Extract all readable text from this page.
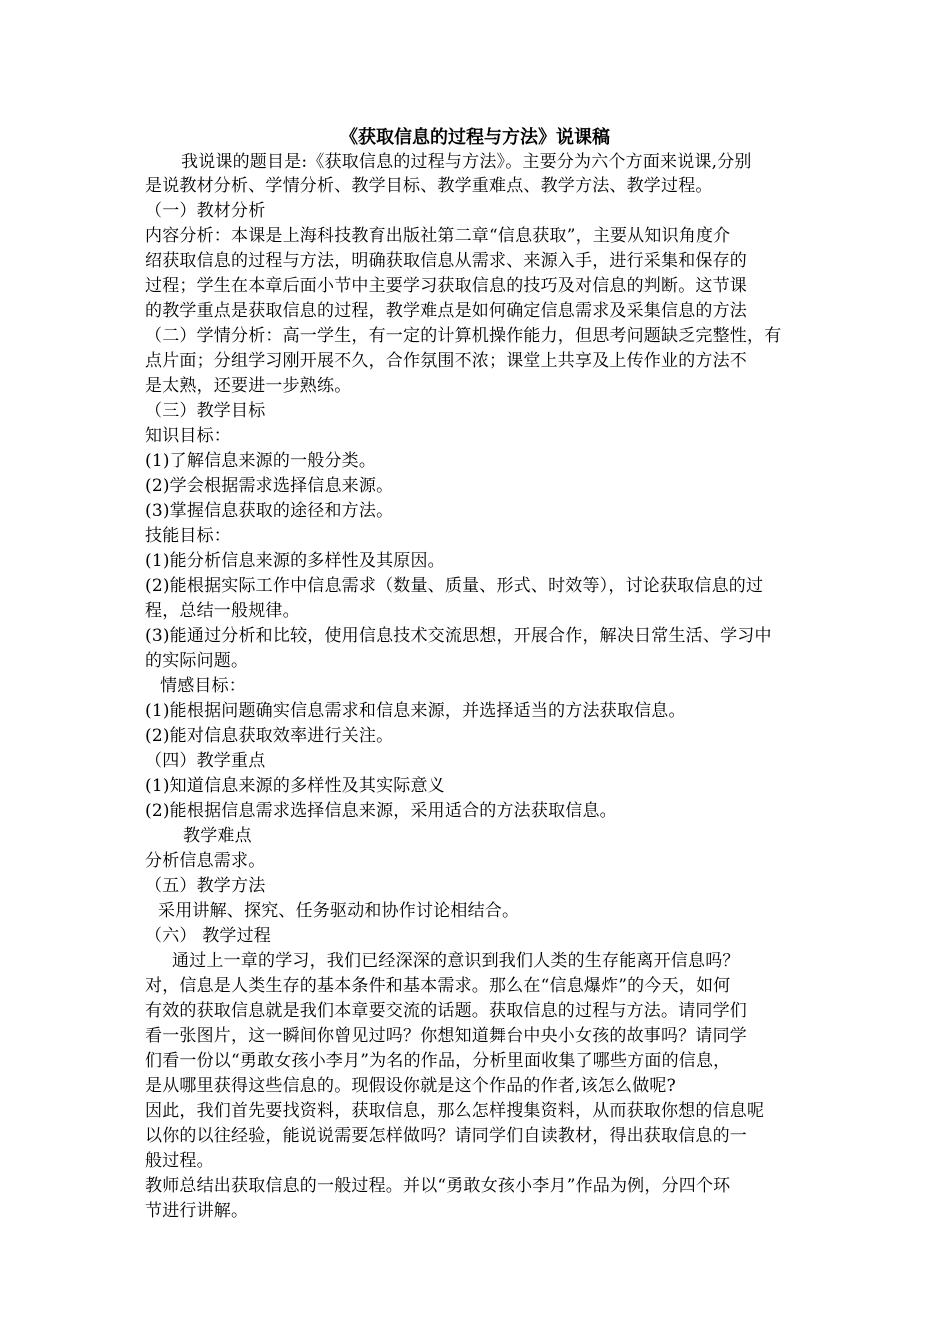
《获取信息的过程与方法》说课稿
我说课的题目是:《获取信息的过程与方法》。主要分为六个方面来说课,分别
是说教材分析、学情分析、教学目标、教学重难点、教学方法、教学过程。
（一）教材分析
内容分析：本课是上海科技教育出版社第二章“信息获取”，主要从知识角度介
绍获取信息的过程与方法，明确获取信息从需求、来源入手，进行采集和保存的
过程；学生在本章后面小节中主要学习获取信息的技巧及对信息的判断。这节课
的教学重点是获取信息的过程，教学难点是如何确定信息需求及采集信息的方法
（二）学情分析：高一学生，有一定的计算机操作能力，但思考问题缺乏完整性，有
点片面；分组学习刚开展不久，合作氛围不浓；课堂上共享及上传作业的方法不
是太熟，还要进一步熟练。
（三）教学目标
知识目标：
(1)了解信息来源的一般分类。
(2)学会根据需求选择信息来源。
(3)掌握信息获取的途径和方法。
技能目标：
(1)能分析信息来源的多样性及其原因。
(2)能根据实际工作中信息需求（数量、质量、形式、时效等），讨论获取信息的过
程，总结一般规律。
(3)能通过分析和比较，使用信息技术交流思想，开展合作，解决日常生活、学习中
的实际问题。
情感目标：
(1)能根据问题确实信息需求和信息来源，并选择适当的方法获取信息。
(2)能对信息获取效率进行关注。
（四）教学重点
(1)知道信息来源的多样性及其实际意义
(2)能根据信息需求选择信息来源，采用适合的方法获取信息。
教学难点
分析信息需求。
（五）教学方法
采用讲解、探究、任务驱动和协作讨论相结合。
（六） 教学过程
通过上一章的学习，我们已经深深的意识到我们人类的生存能离开信息吗？
对，信息是人类生存的基本条件和基本需求。那么在“信息爆炸”的今天，如何
有效的获取信息就是我们本章要交流的话题。获取信息的过程与方法。请同学们
看一张图片，这一瞬间你曾见过吗？你想知道舞台中央小女孩的故事吗？请同学
们看一份以“勇敢女孩小李月”为名的作品，分析里面收集了哪些方面的信息，
是从哪里获得这些信息的。现假设你就是这个作品的作者,该怎么做呢?
因此，我们首先要找资料，获取信息，那么怎样搜集资料，从而获取你想的信息呢
以你的以往经验，能说说需要怎样做吗？请同学们自读教材，得出获取信息的一
般过程。
教师总结出获取信息的一般过程。并以“勇敢女孩小李月”作品为例，分四个环
节进行讲解。
